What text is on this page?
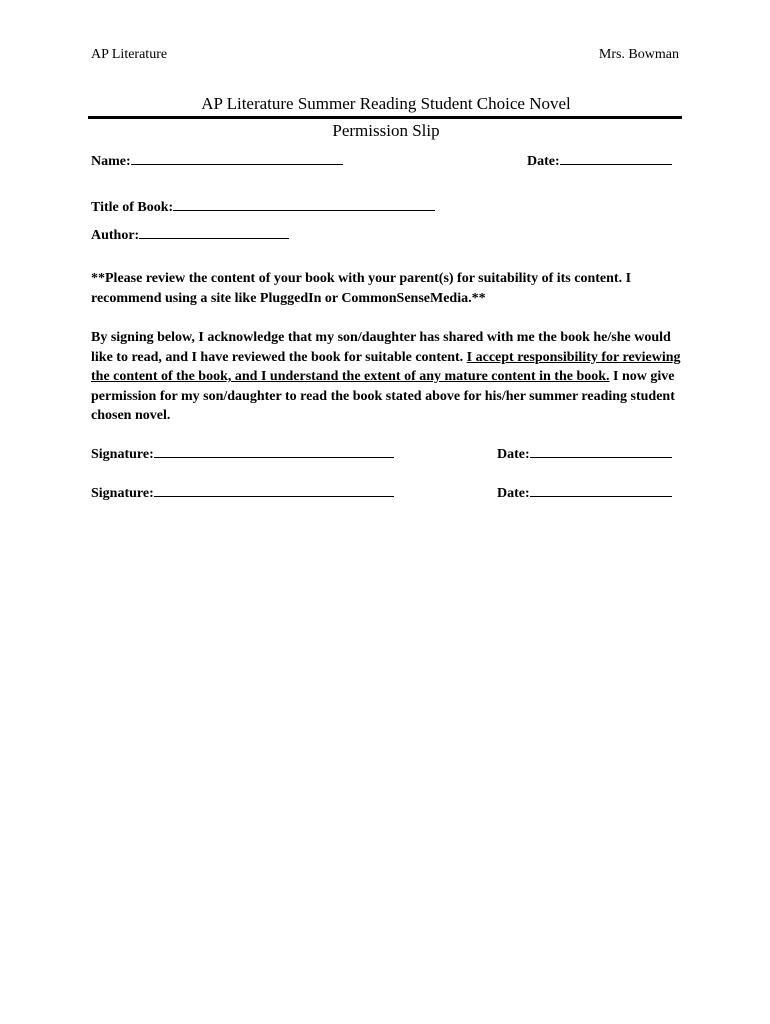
AP Literature	Mrs. Bowman
AP Literature Summer Reading Student Choice Novel
Permission Slip
Name:	Date:
Title of Book:
Author:
**Please review the content of your book with your parent(s) for suitability of its content. I
recommend using a site like PluggedIn or CommonSenseMedia.**
By signing below, I acknowledge that my son/daughter has shared with me the book he/she would like to read, and I have reviewed the book for suitable content. I accept responsibility for reviewing the content of the book, and I understand the extent of any mature content in the book. I now give permission for my son/daughter to read the book stated above for his/her summer reading student chosen novel.
Signature:	Date:
Signature:	Date:
